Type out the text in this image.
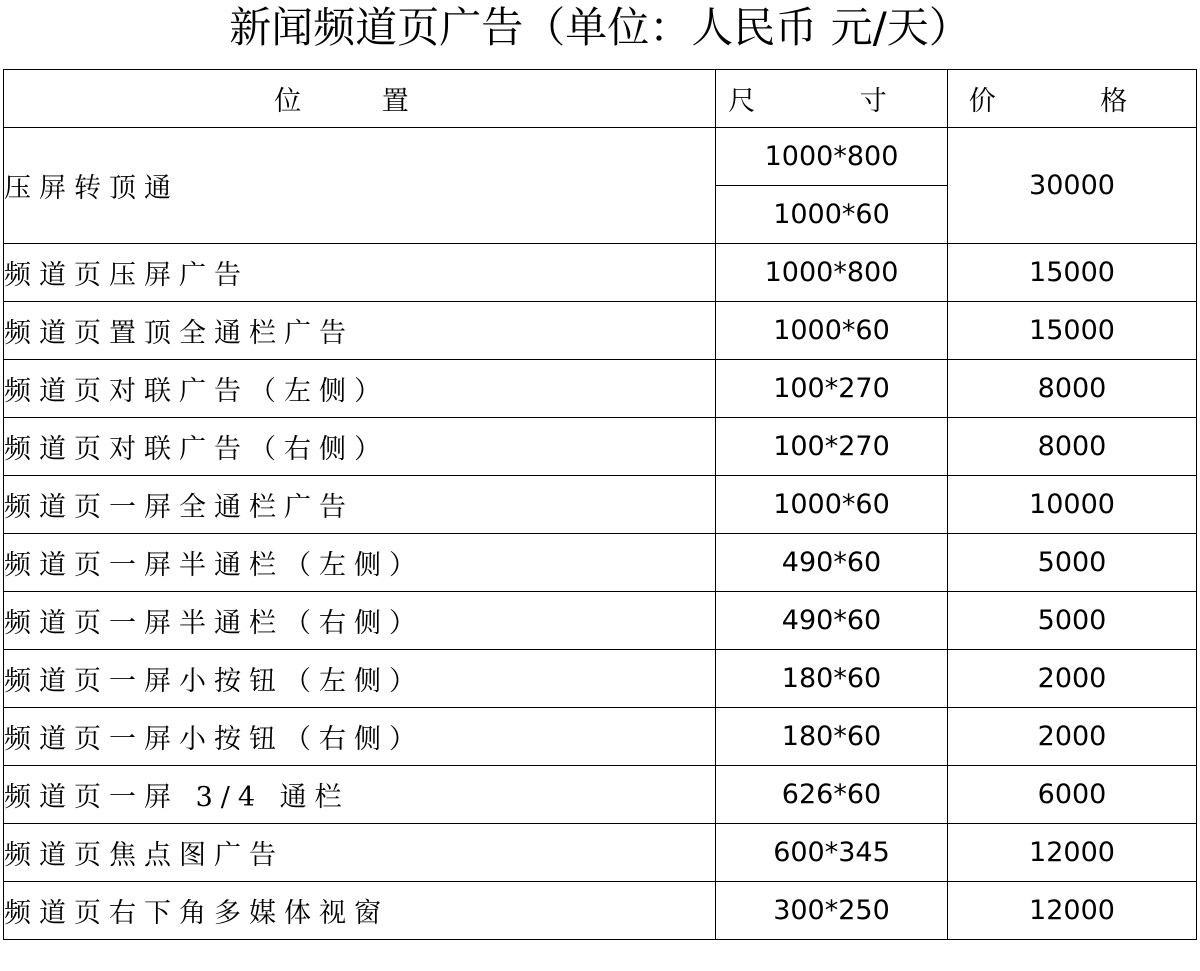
新闻频道页广告（单位：人民币 元/天）
位 置	尺 寸	价 格
压屏转顶通	1000*800	30000
	1000*60	
频道页压屏广告	1000*800	15000
频道页置顶全通栏广告	1000*60	15000
频道页对联广告（左侧）	100*270	8000
频道页对联广告（右侧）	100*270	8000
频道页一屏全通栏广告	1000*60	10000
频道页一屏半通栏（左侧）	490*60	5000
频道页一屏半通栏（右侧）	490*60	5000
频道页一屏小按钮（左侧）	180*60	2000
频道页一屏小按钮（右侧）	180*60	2000
频道页一屏 3/4 通栏	626*60	6000
频道页焦点图广告	600*345	12000
频道页右下角多媒体视窗	300*250	12000
